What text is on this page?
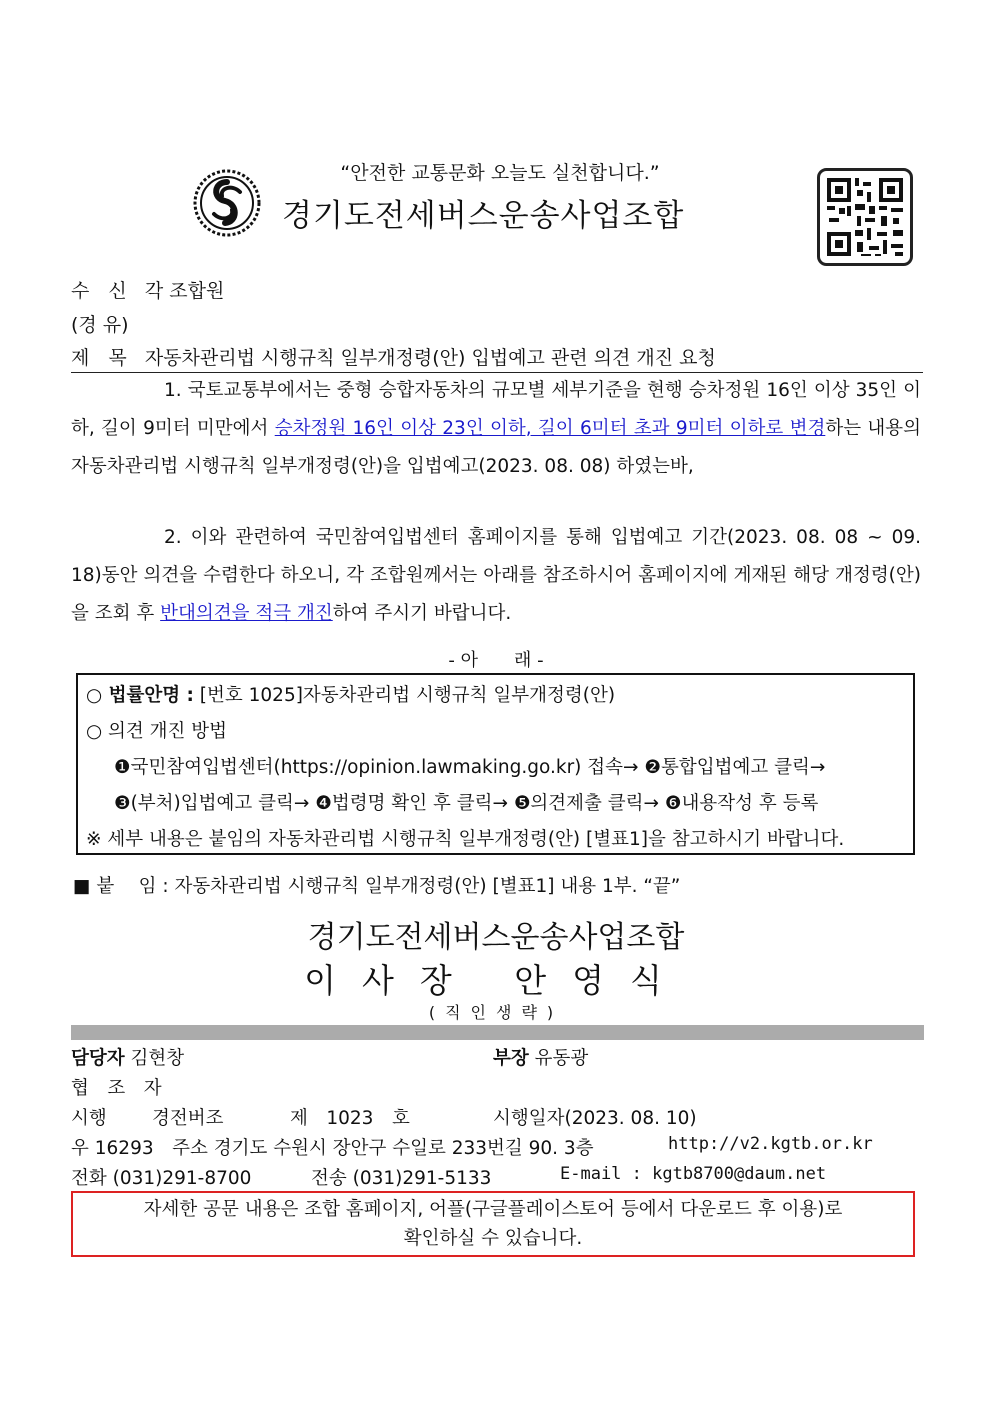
“안전한 교통문화 오늘도 실천합니다.”
경기도전세버스운송사업조합
수　신 각 조합원
(경 유)
제　목 자동차관리법 시행규칙 일부개정령(안) 입법예고 관련 의견 개진 요청
1. 국토교통부에서는 중형 승합자동차의 규모별 세부기준을 현행 승차정원 16인 이상 35인 이하, 길이 9미터 미만에서 승차정원 16인 이상 23인 이하, 길이 6미터 초과 9미터 이하로 변경하는 내용의 자동차관리법 시행규칙 일부개정령(안)을 입법예고(2023. 08. 08) 하였는바,
2. 이와 관련하여 국민참여입법센터 홈페이지를 통해 입법예고 기간(2023. 08. 08 ~ 09. 18)동안 의견을 수렴한다 하오니, 각 조합원께서는 아래를 참조하시어 홈페이지에 게재된 해당 개정령(안)을 조회 후 반대의견을 적극 개진하여 주시기 바랍니다.
- 아　　래 -
○ 법률안명 : [번호 1025]자동차관리법 시행규칙 일부개정령(안)
○ 의견 개진 방법
❶국민참여입법센터(https://opinion.lawmaking.go.kr) 접속→ ❷통합입법예고 클릭→
❸(부처)입법예고 클릭→ ❹법령명 확인 후 클릭→ ❺의견제출 클릭→ ❻내용작성 후 등록
※ 세부 내용은 붙임의 자동차관리법 시행규칙 일부개정령(안) [별표1]을 참고하시기 바랍니다.
■ 붙　 임 : 자동차관리법 시행규칙 일부개정령(안) [별표1] 내용 1부. “끝”
경기도전세버스운송사업조합
이사장 안영식
(직인생략)
담당자 김현창	부장 유동광
협　조　자
시행 경전버조	제　1023　호	시행일자(2023. 08. 10)
우 16293　주소 경기도 수원시 장안구 수일로 233번길 90. 3층	http://v2.kgtb.or.kr
전화 (031)291-8700	전송 (031)291-5133	E-mail : kgtb8700@daum.net
자세한 공문 내용은 조합 홈페이지, 어플(구글플레이스토어 등에서 다운로드 후 이용)로
확인하실 수 있습니다.
